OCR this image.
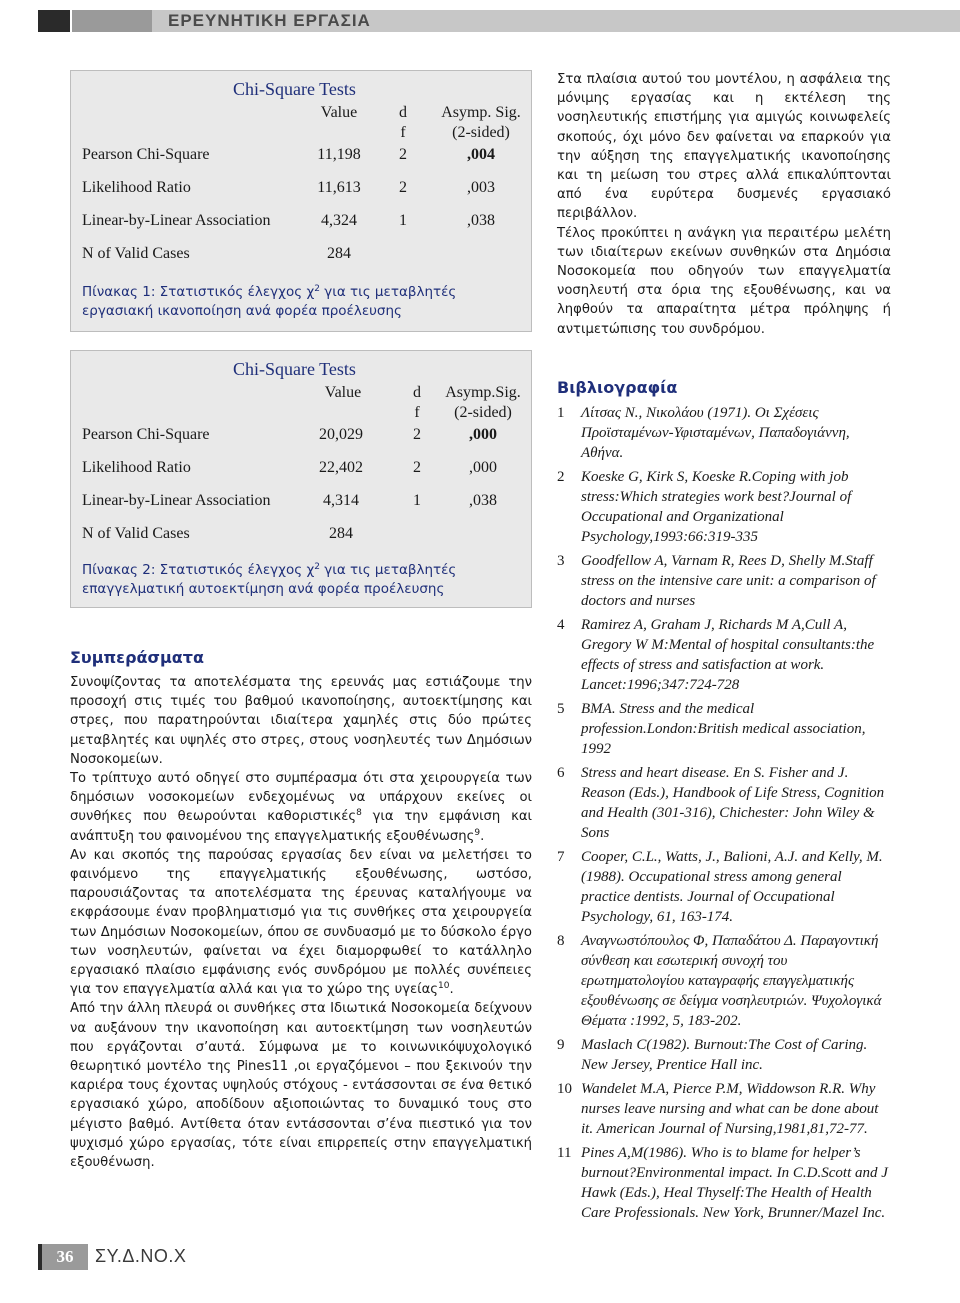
ΕΡΕΥΝΗΤΙΚΗ ΕΡΓΑΣΙΑ
Chi-Square Tests
Value	d
f
Asymp. Sig.
(2-sided)
Pearson Chi-Square	11,198	2	,004
Likelihood Ratio	11,613	2	,003
Linear-by-Linear Association	4,324	1	,038
N of Valid Cases	284
Πίνακας 1: Στατιστικός έλεγχος $\chi^2$ για τις μεταβλητές
εργασιακή ικανοποίηση ανά φορέα προέλευσης
Chi-Square Tests
Value	d
f
Asymp.Sig.
(2-sided)
Pearson Chi-Square	20,029	2	,000
Likelihood Ratio	22,402	2	,000
Linear-by-Linear Association	4,314	1	,038
N of Valid Cases	284
Πίνακας 2: Στατιστικός έλεγχος $\chi^2$ για τις μεταβλητές
επαγγελματική αυτοεκτίμηση ανά φορέα προέλευσης

Στα πλαίσια αυτού του μοντέλου, η ασφάλεια της μόνιμης εργασίας και η εκτέλεση της νοσηλευτικής επιστήμης για αμιγώς κοινωφελείς σκοπούς, όχι μόνο δεν φαίνεται να επαρκούν για την αύξηση της επαγγελματικής ικανοποίησης και τη μείωση του στρες αλλά επικαλύπτονται από ένα ευρύτερα δυσμενές εργασιακό περιβάλλον.

Τέλος προκύπτει η ανάγκη για περαιτέρω μελέτη των ιδιαίτερων εκείνων συνθηκών στα Δημόσια Νοσοκομεία που οδηγούν των επαγγελματία νοσηλευτή στα όρια της εξουθένωσης, και να ληφθούν τα απαραίτητα μέτρα πρόληψης ή αντιμετώπισης του συνδρόμου.

Βιβλιογραφία
1 Λίτσας Ν., Νικολάου (1971). Οι Σχέσεις Προϊσταμένων-Υφισταμένων, Παπαδογιάννη, Αθήνα.
2 Koeske G, Kirk S, Koeske R.Coping with job stress:Which strategies work best?Journal of Occupational and Organizational Psychology,1993:66:319-335
3 Goodfellow A, Varnam R, Rees D, Shelly M.Staff stress on the intensive care unit: a comparison of doctors and nurses
4 Ramirez A, Graham J, Richards M A,Cull A, Gregory W M:Mental of hospital consultants:the effects of stress and satisfaction at work. Lancet:1996;347:724-728
5 BMA. Stress and the medical profession.London:British medical association, 1992
6 Stress and heart disease. En S. Fisher and J. Reason (Eds.), Handbook of Life Stress, Cognition and Health (301-316), Chichester: John Wiley & Sons
7 Cooper, C.L., Watts, J., Balioni, A.J. and Kelly, M. (1988). Occupational stress among general practice dentists. Journal of Occupational Psychology, 61, 163-174.
8 Αναγνωστόπουλος Φ, Παπαδάτου Δ. Παραγοντική σύνθεση και εσωτερική συνοχή του ερωτηματολογίου καταγραφής επαγγελματικής εξουθένωσης σε δείγμα νοσηλευτριών. Ψυχολογικά Θέματα :1992, 5, 183-202.
9 Maslach C(1982). Burnout:The Cost of Caring. New Jersey, Prentice Hall inc.
10 Wandelet M.A, Pierce P.M, Widdowson R.R. Why nurses leave nursing and what can be done about it. American Journal of Nursing,1981,81,72-77.
11 Pines A,M(1986). Who is to blame for helper’s burnout?Environmental impact. In C.D.Scott and J Hawk (Eds.), Heal Thyself:The Health of Health Care Professionals. New York, Brunner/Mazel Inc.
Συμπεράσματα

Συνοψίζοντας τα αποτελέσματα της ερευνάς μας εστιάζουμε την προσοχή στις τιμές του βαθμού ικανοποίησης, αυτοεκτίμησης και στρες, που παρατηρούνται ιδιαίτερα χαμηλές στις δύο πρώτες μεταβλητές και υψηλές στο στρες, στους νοσηλευτές των Δημόσιων Νοσοκομείων.

Το τρίπτυχο αυτό οδηγεί στο συμπέρασμα ότι στα χειρουργεία των δημόσιων νοσοκομείων ενδεχομένως να υπάρχουν εκείνες οι συνθήκες που θεωρούνται καθοριστικές$^8$ για την εμφάνιση και ανάπτυξη του φαινομένου της επαγγελματικής εξουθένωσης$^9$.

Αν και σκοπός της παρούσας εργασίας δεν είναι να μελετήσει το φαινόμενο της επαγγελματικής εξουθένωσης, ωστόσο, παρουσιάζοντας τα αποτελέσματα της έρευνας καταλήγουμε να εκφράσουμε έναν προβληματισμό για τις συνθήκες στα χειρουργεία των Δημόσιων Νοσοκομείων, όπου σε συνδυασμό με το δύσκολο έργο των νοσηλευτών, φαίνεται να έχει διαμορφωθεί το κατάλληλο εργασιακό πλαίσιο εμφάνισης ενός συνδρόμου με πολλές συνέπειες για τον επαγγελματία αλλά και για το χώρο της υγείας$^{10}$.

Από την άλλη πλευρά οι συνθήκες στα Ιδιωτικά Νοσοκομεία δείχνουν να αυξάνουν την ικανοποίηση και αυτοεκτίμηση των νοσηλευτών που εργάζονται σ’αυτά. Σύμφωνα με το κοινωνικόψυχολογικό θεωρητικό μοντέλο της Pines11 ,οι εργαζόμενοι – που ξεκινούν την καριέρα τους έχοντας υψηλούς στόχους - εντάσσονται σε ένα θετικό εργασιακό χώρο, αποδίδουν αξιοποιώντας το δυναμικό τους στο μέγιστο βαθμό. Αντίθετα όταν εντάσσονται σ’ένα πιεστικό για τον ψυχισμό χώρο εργασίας, τότε είναι επιρρεπείς στην επαγγελματική εξουθένωση.

36	ΣΥ.Δ.ΝΟ.Χ
